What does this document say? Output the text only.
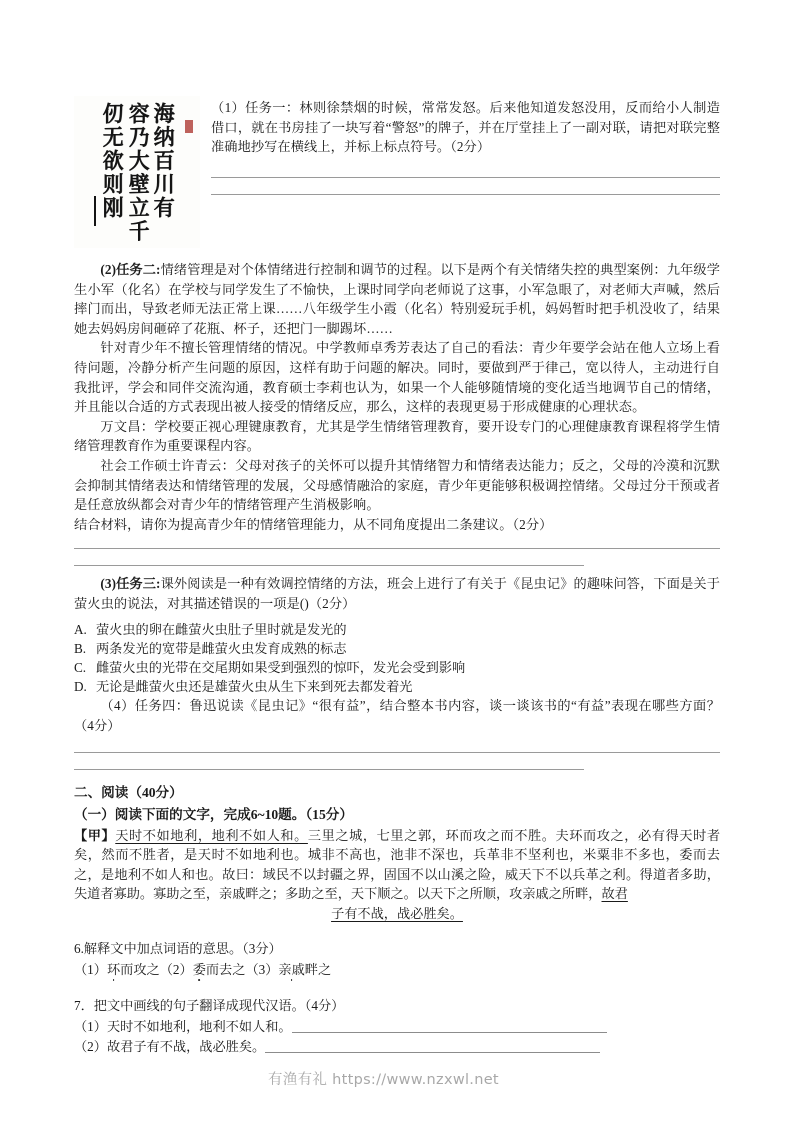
海纳百川有
容乃大壁立千
仞无欲则刚	（1）任务一：林则徐禁烟的时候，常常发怒。后来他知道发怒没用，反而给小人制造借口，就在书房挂了一块写着“警怒”的牌子，并在厅堂挂上了一副对联，请把对联完整准确地抄写在横线上，并标上标点符号。（2分）

(2)任务二:情绪管理是对个体情绪进行控制和调节的过程。以下是两个有关情绪失控的典型案例：九年级学生小军（化名）在学校与同学发生了不愉快，上课时同学向老师说了这事，小军急眼了，对老师大声喊，然后摔门而出，导致老师无法正常上课……八年级学生小霞（化名）特别爱玩手机，妈妈暂时把手机没收了，结果她去妈妈房间砸碎了花瓶、杯子，还把门一脚踢坏……

针对青少年不擅长管理情绪的情况。中学教师卓秀芳表达了自己的看法：青少年要学会站在他人立场上看待问题，冷静分析产生问题的原因，这样有助于问题的解决。同时，要做到严于律己，宽以待人，主动进行自我批评，学会和同伴交流沟通，教育硕士李莉也认为，如果一个人能够随情境的变化适当地调节自己的情绪，并且能以合适的方式表现出被人接受的情绪反应，那么，这样的表现更易于形成健康的心理状态。

万文昌：学校要正视心理键康教育，尤其是学生情绪管理教育，要开设专门的心理健康教育课程将学生情绪管理教育作为重要课程内容。

社会工作硕士许青云：父母对孩子的关怀可以提升其情绪智力和情绪表达能力；反之，父母的冷漠和沉默会抑制其情绪表达和情绪管理的发展，父母感情融洽的家庭，青少年更能够积极调控情绪。父母过分干预或者是任意放纵都会对青少年的情绪管理产生消极影响。

结合材料，请你为提高青少年的情绪管理能力，从不同角度提出二条建议。（2分）

(3)任务三:课外阅读是一种有效调控情绪的方法，班会上进行了有关于《昆虫记》的趣味问答，下面是关于萤火虫的说法，对其描述错误的一项是()（2分）

A. 萤火虫的卵在雌萤火虫肚子里时就是发光的
B. 两条发光的宽带是雌萤火虫发育成熟的标志
C. 雌萤火虫的光带在交尾期如果受到强烈的惊吓，发光会受到影响
D. 无论是雌萤火虫还是雄萤火虫从生下来到死去都发着光

（4）任务四：鲁迅说读《昆虫记》“很有益”，结合整本书内容，谈一谈该书的“有益”表现在哪些方面？（4分）

二、阅读（40分）

（一）阅读下面的文字，完成6~10题。（15分）

【甲】天时不如地利，地利不如人和。三里之城，七里之郭，环而攻之而不胜。夫环而攻之，必有得天时者矣，然而不胜者，是天时不如地利也。城非不高也，池非不深也，兵革非不坚利也，米粟非不多也，委而去之，是地利不如人和也。故曰：域民不以封疆之界，固国不以山溪之险，威天下不以兵革之利。得道者多助，失道者寡助。寡助之至，亲戚畔之；多助之至，天下顺之。以天下之所顺，攻亲戚之所畔，故君

子有不战，战必胜矣。

6.解释文中加点词语的意思。（3分）

（1）环而攻之（2）委而去之（3）亲戚畔之

7．把文中画线的句子翻译成现代汉语。（4分）

（1）天时不如地利，地利不如人和。

（2）故君子有不战，战必胜矣。

有渔有礼 https://www.nzxwl.net
